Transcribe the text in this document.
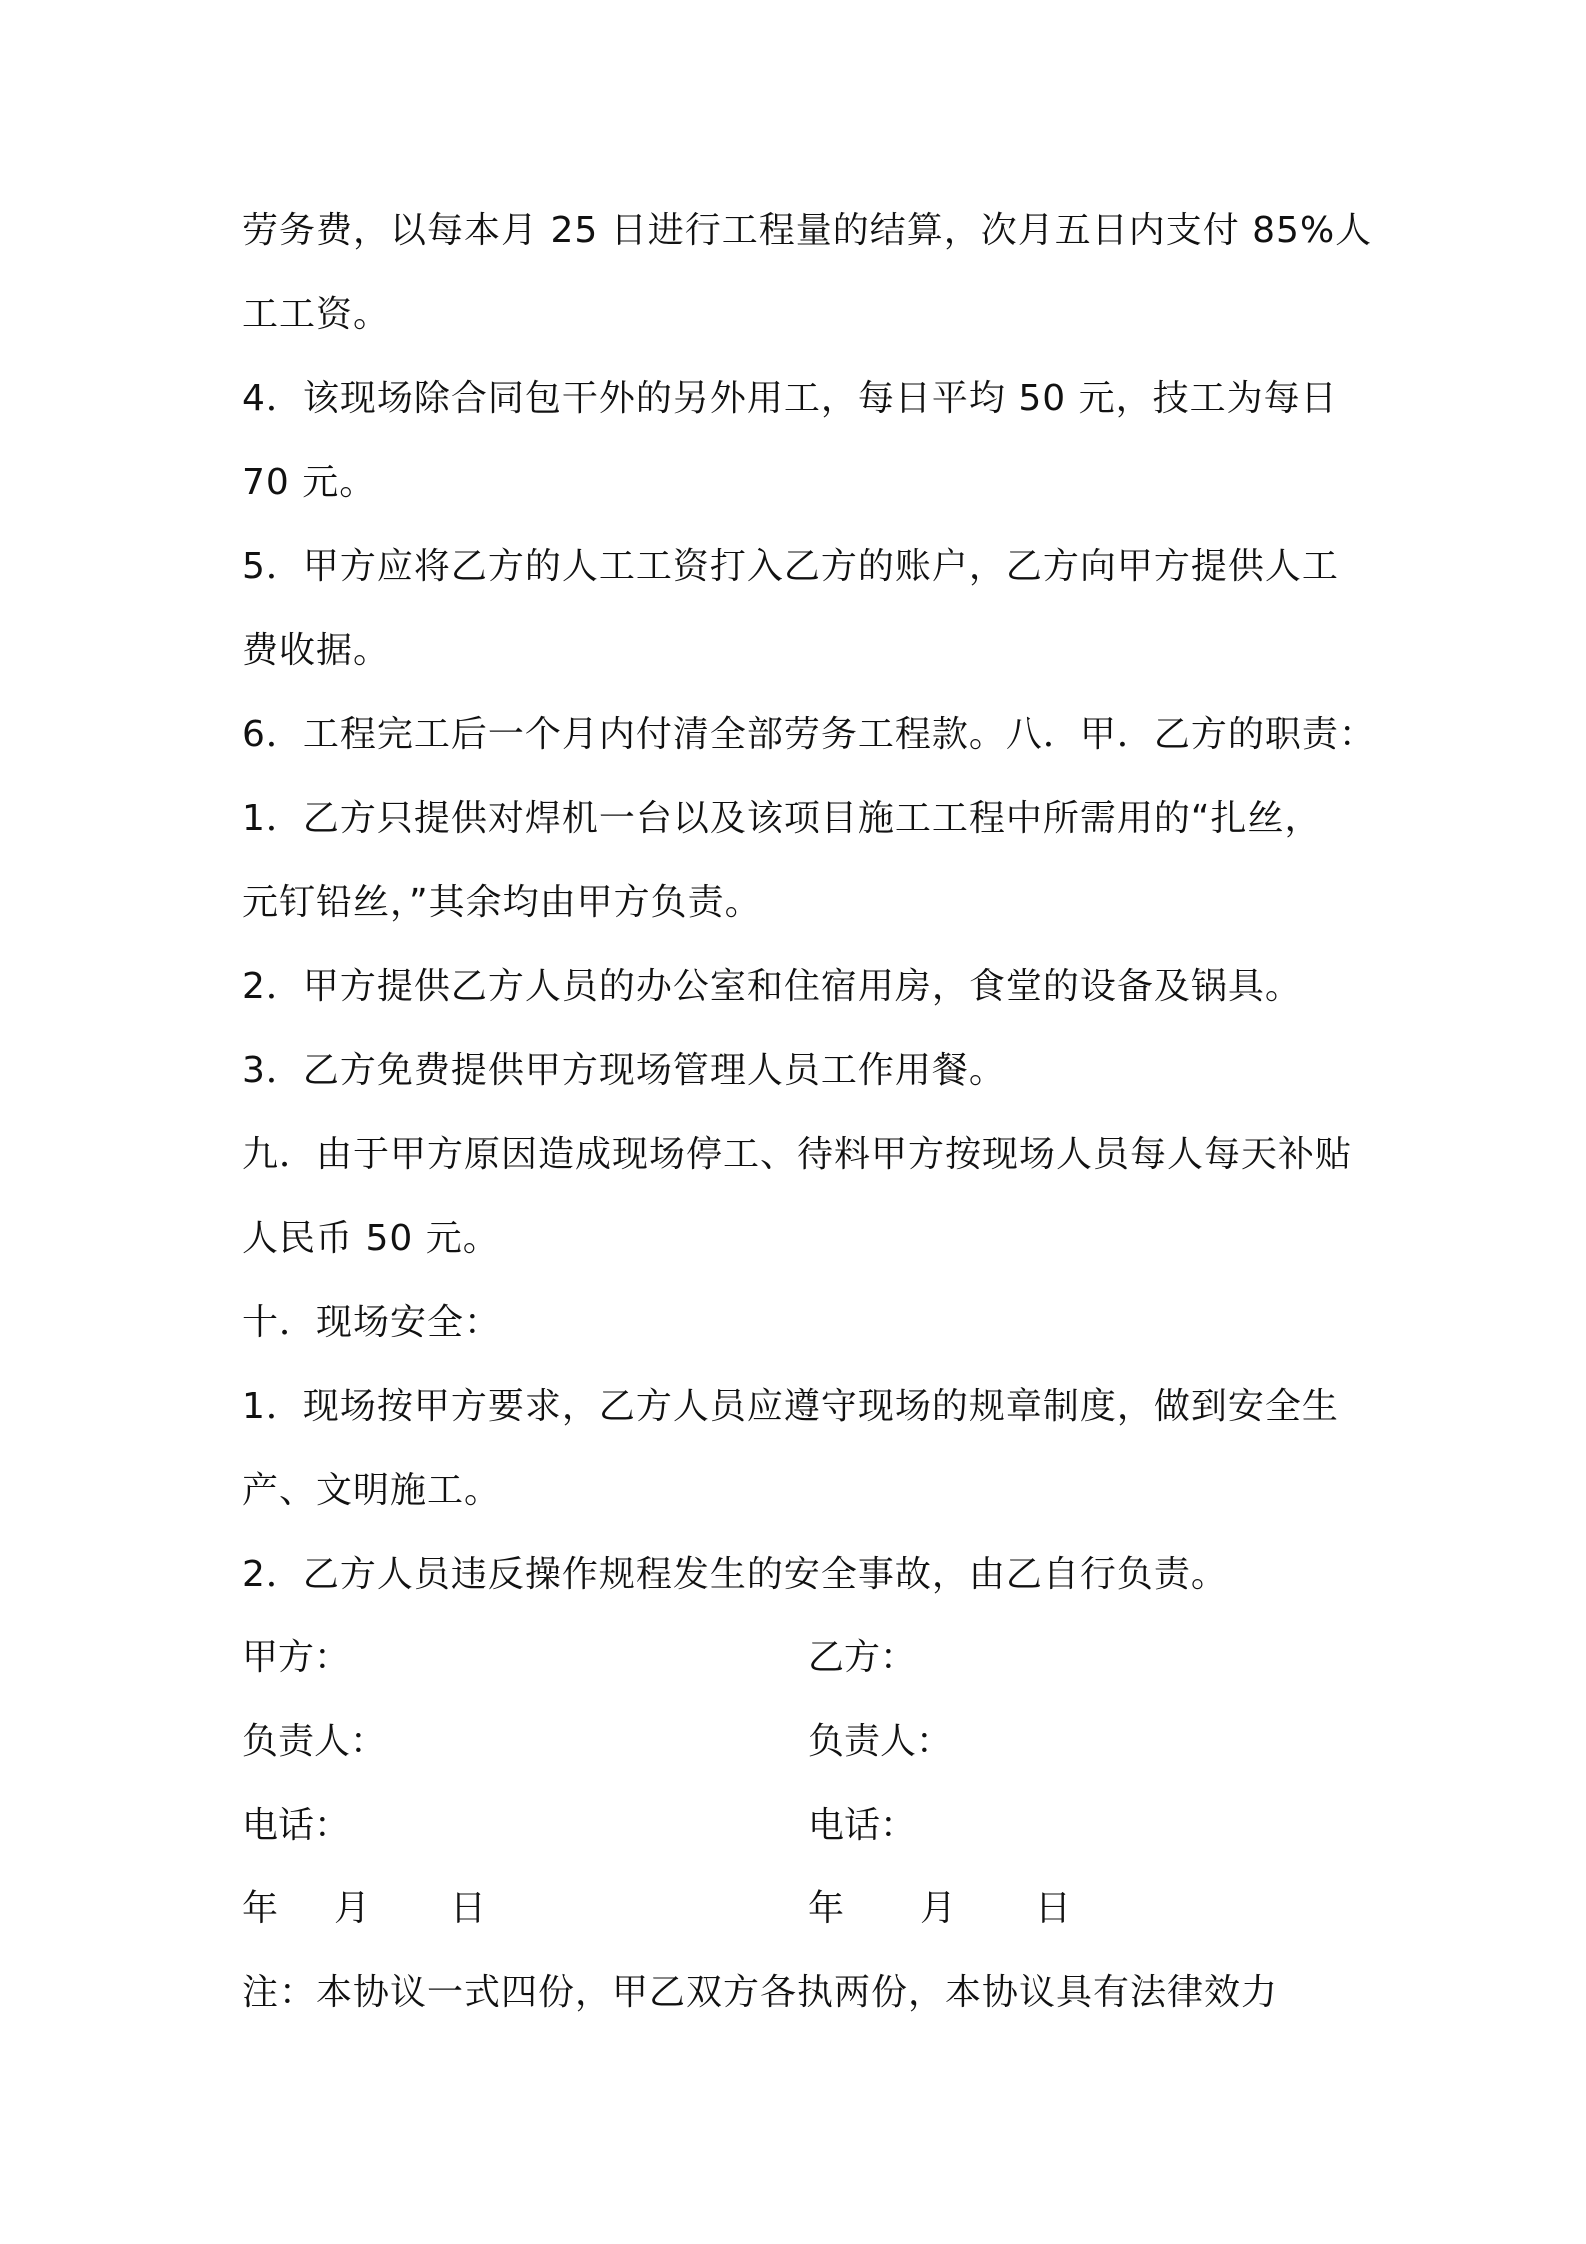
劳务费，以每本月 25 日进行工程量的结算，次月五日内支付 85%人
工工资。
4．该现场除合同包干外的另外用工，每日平均 50 元，技工为每日
70 元。
5．甲方应将乙方的人工工资打入乙方的账户，乙方向甲方提供人工
费收据。
6．工程完工后一个月内付清全部劳务工程款。八．甲．乙方的职责：
1．乙方只提供对焊机一台以及该项目施工工程中所需用的“扎丝，
元钉铅丝，”其余均由甲方负责。
2．甲方提供乙方人员的办公室和住宿用房，食堂的设备及锅具。
3．乙方免费提供甲方现场管理人员工作用餐。
九．由于甲方原因造成现场停工、待料甲方按现场人员每人每天补贴
人民币 50 元。
十．现场安全：
1．现场按甲方要求，乙方人员应遵守现场的规章制度，做到安全生
产、文明施工。
2．乙方人员违反操作规程发生的安全事故，由乙自行负责。
甲方：	乙方：
负责人：	负责人：
电话：	电话：
年 月 日	年 月 日
注：本协议一式四份，甲乙双方各执两份，本协议具有法律效力
